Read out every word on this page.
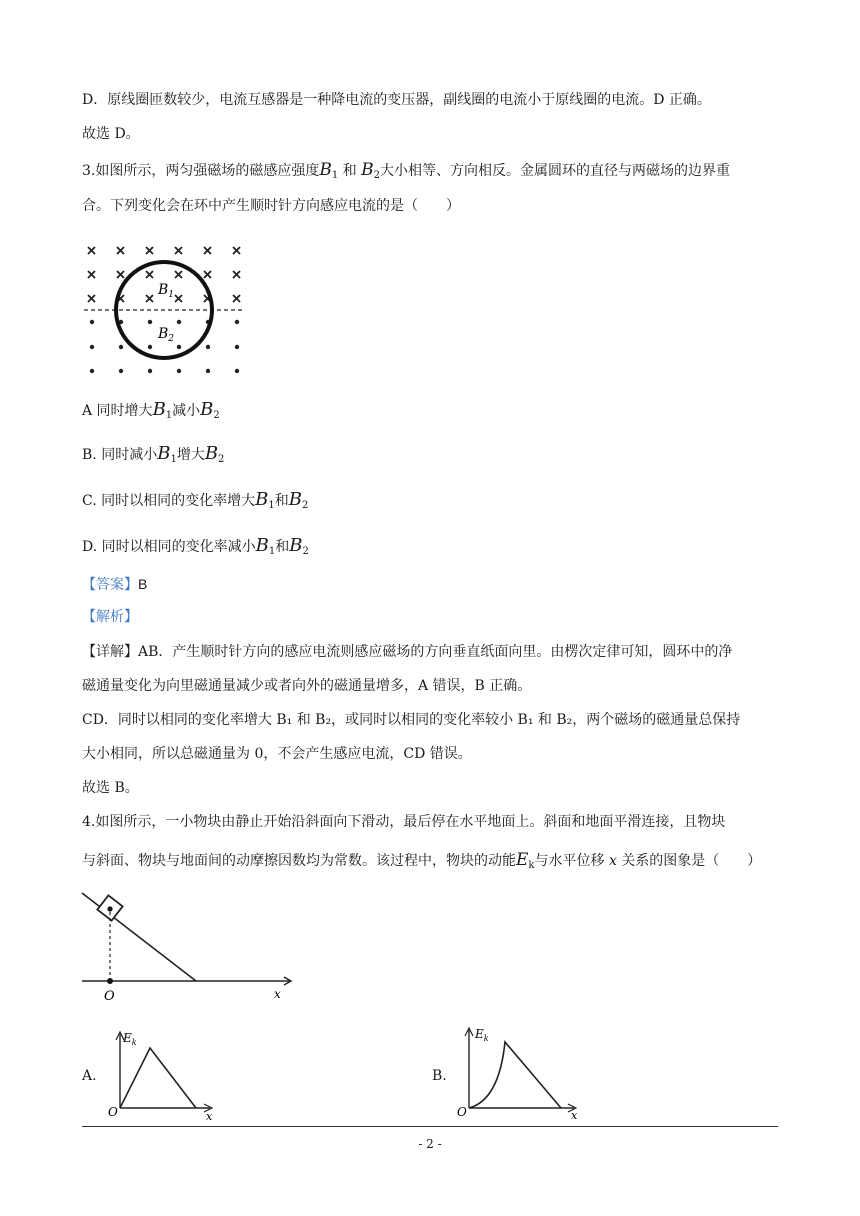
D．原线圈匝数较少，电流互感器是一种降电流的变压器，副线圈的电流小于原线圈的电流。D 正确。
故选 D。
3.如图所示，两匀强磁场的磁感应强度$B_1$ 和 $B_2$大小相等、方向相反。金属圆环的直径与两磁场的边界重
合。下列变化会在环中产生顺时针方向感应电流的是（　　）
$B_1$
$B_2$
A 同时增大$B_1$减小$B_2$
B. 同时减小$B_1$增大$B_2$
C. 同时以相同的变化率增大$B_1$和$B_2$
D. 同时以相同的变化率减小$B_1$和$B_2$
【答案】B
【解析】
【详解】AB．产生顺时针方向的感应电流则感应磁场的方向垂直纸面向里。由楞次定律可知，圆环中的净
磁通量变化为向里磁通量减少或者向外的磁通量增多，A 错误，B 正确。
CD．同时以相同的变化率增大 B₁ 和 B₂，或同时以相同的变化率较小 B₁ 和 B₂，两个磁场的磁通量总保持
大小相同，所以总磁通量为 0，不会产生感应电流，CD 错误。
故选 B。
4.如图所示，一小物块由静止开始沿斜面向下滑动，最后停在水平地面上。斜面和地面平滑连接，且物块
与斜面、物块与地面间的动摩擦因数均为常数。该过程中，物块的动能$E_k$与水平位移 x 关系的图象是（　　）
O	x
A.
$E_k$
O	x
B.
$E_k$
O	x
- 2 -
